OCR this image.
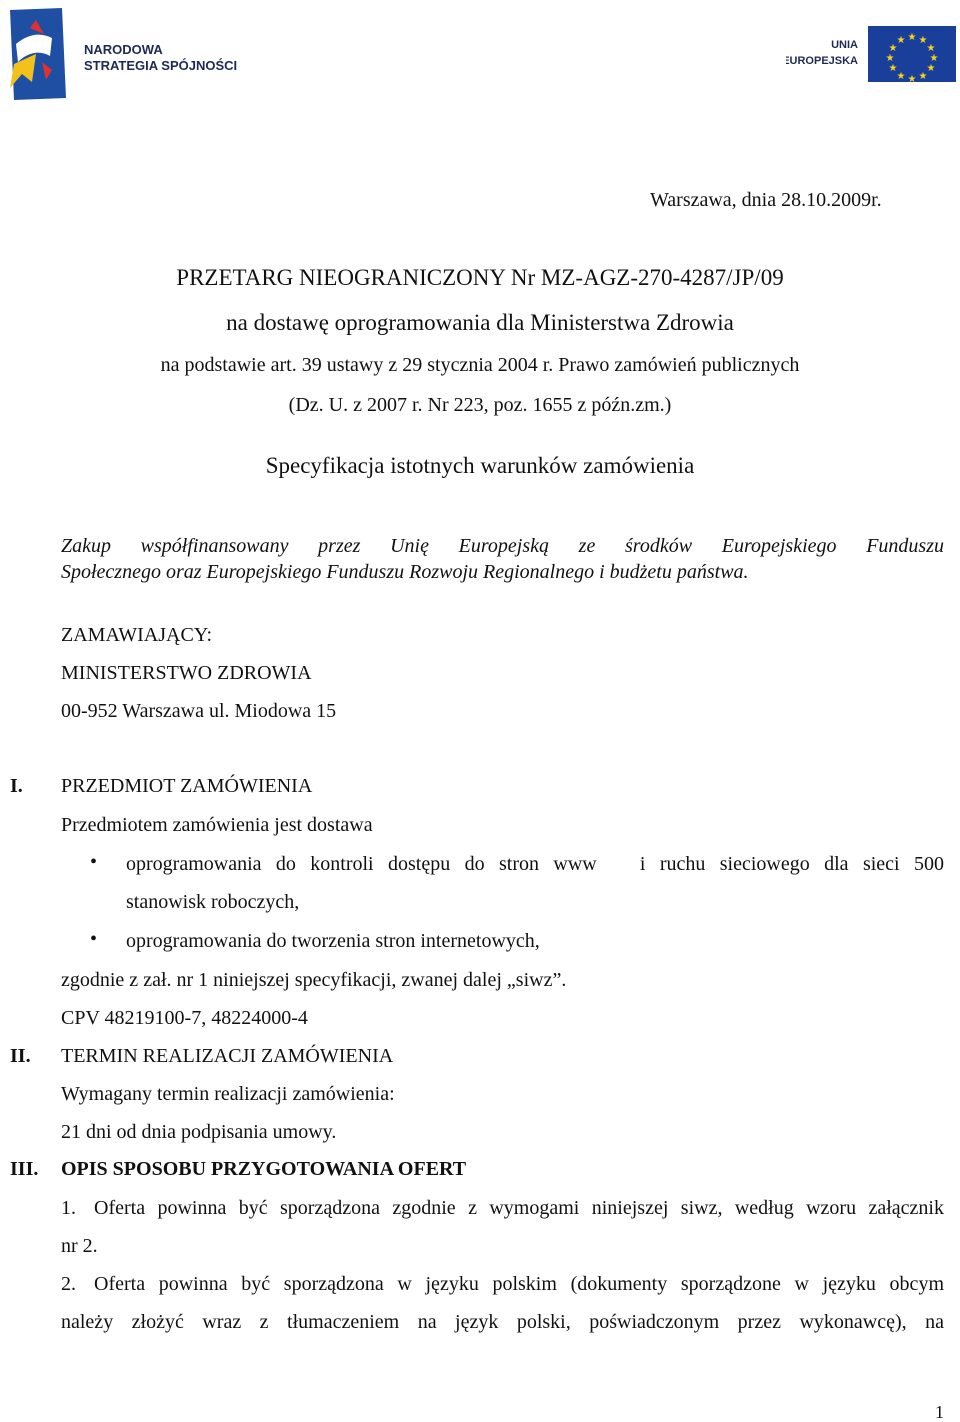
NARODOWA
STRATEGIA SPÓJNOŚCI
UNIA
EUROPEJSKA
★ ★
★
★
★
★
★
★
★
★
★
★
Warszawa, dnia 28.10.2009r.
PRZETARG NIEOGRANICZONY Nr MZ-AGZ-270-4287/JP/09
na dostawę oprogramowania dla Ministerstwa Zdrowia
na podstawie art. 39 ustawy z 29 stycznia 2004 r. Prawo zamówień publicznych
(Dz. U. z 2007 r. Nr 223, poz. 1655 z późn.zm.)
Specyfikacja istotnych warunków zamówienia
Zakup współfinansowany przez Unię Europejską ze środków Europejskiego Funduszu
Społecznego oraz Europejskiego Funduszu Rozwoju Regionalnego i budżetu państwa.
ZAMAWIAJĄCY:
MINISTERSTWO ZDROWIA
00-952 Warszawa ul. Miodowa 15
I. PRZEDMIOT ZAMÓWIENIA
Przedmiotem zamówienia jest dostawa
• oprogramowania do kontroli dostępu do stron www   i ruchu sieciowego dla sieci 500
stanowisk roboczych,
• oprogramowania do tworzenia stron internetowych,
zgodnie z zał. nr 1 niniejszej specyfikacji, zwanej dalej „siwz”.
CPV 48219100-7, 48224000-4
II. TERMIN REALIZACJI ZAMÓWIENIA
Wymagany termin realizacji zamówienia:
21 dni od dnia podpisania umowy.
III. OPIS SPOSOBU PRZYGOTOWANIA OFERT
1. Oferta powinna być sporządzona zgodnie z wymogami niniejszej siwz, według wzoru załącznik
nr 2.
2. Oferta powinna być sporządzona w języku polskim (dokumenty sporządzone w języku obcym
należy złożyć wraz z tłumaczeniem na język polski, poświadczonym przez wykonawcę), na
1
